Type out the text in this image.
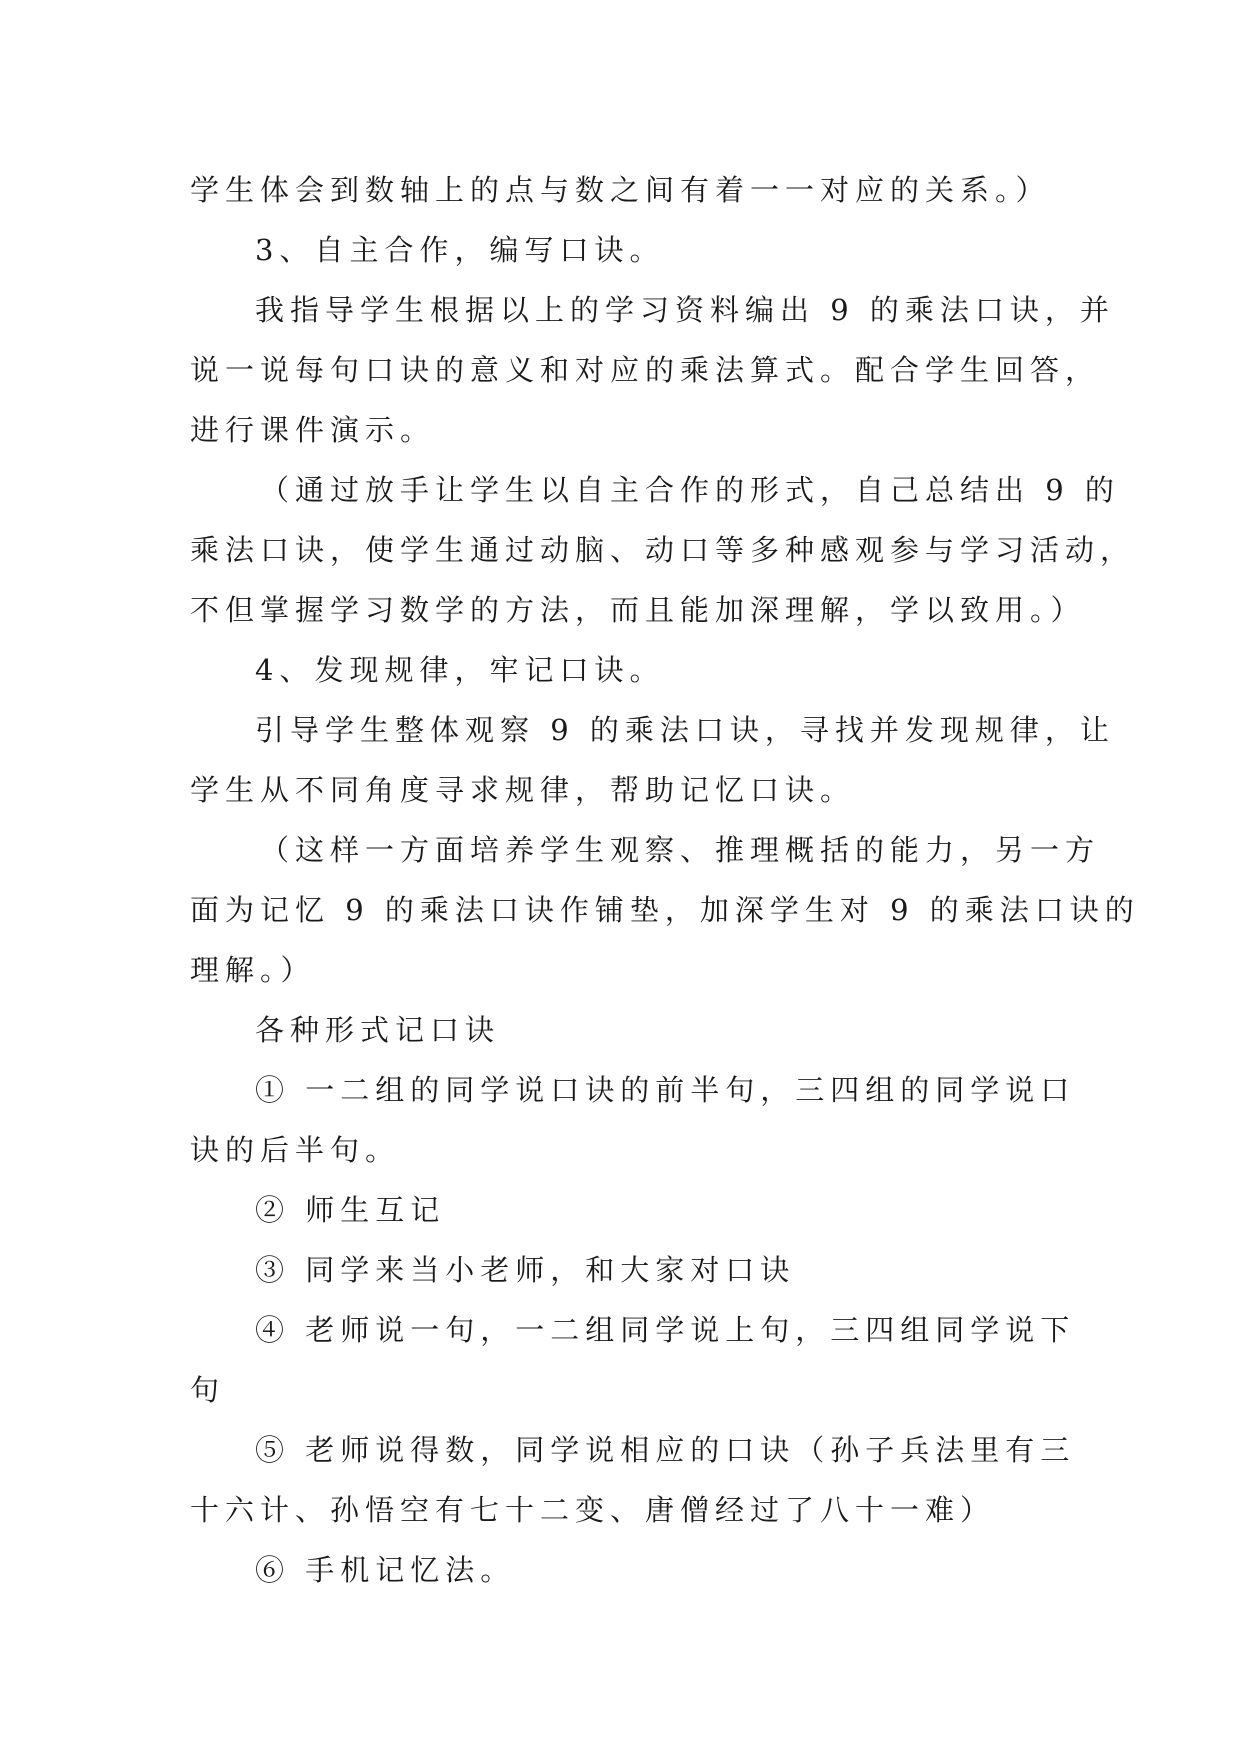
学生体会到数轴上的点与数之间有着一一对应的关系。）
3、自主合作，编写口诀。
我指导学生根据以上的学习资料编出 9 的乘法口诀，并
说一说每句口诀的意义和对应的乘法算式。配合学生回答，
进行课件演示。
（通过放手让学生以自主合作的形式，自己总结出 9 的
乘法口诀，使学生通过动脑、动口等多种感观参与学习活动，
不但掌握学习数学的方法，而且能加深理解，学以致用。）
4、发现规律，牢记口诀。
引导学生整体观察 9 的乘法口诀，寻找并发现规律，让
学生从不同角度寻求规律，帮助记忆口诀。
（这样一方面培养学生观察、推理概括的能力，另一方
面为记忆 9 的乘法口诀作铺垫，加深学生对 9 的乘法口诀的
理解。）
各种形式记口诀
① 一二组的同学说口诀的前半句，三四组的同学说口
诀的后半句。
② 师生互记
③ 同学来当小老师，和大家对口诀
④ 老师说一句，一二组同学说上句，三四组同学说下
句
⑤ 老师说得数，同学说相应的口诀（孙子兵法里有三
十六计、孙悟空有七十二变、唐僧经过了八十一难）
⑥ 手机记忆法。
